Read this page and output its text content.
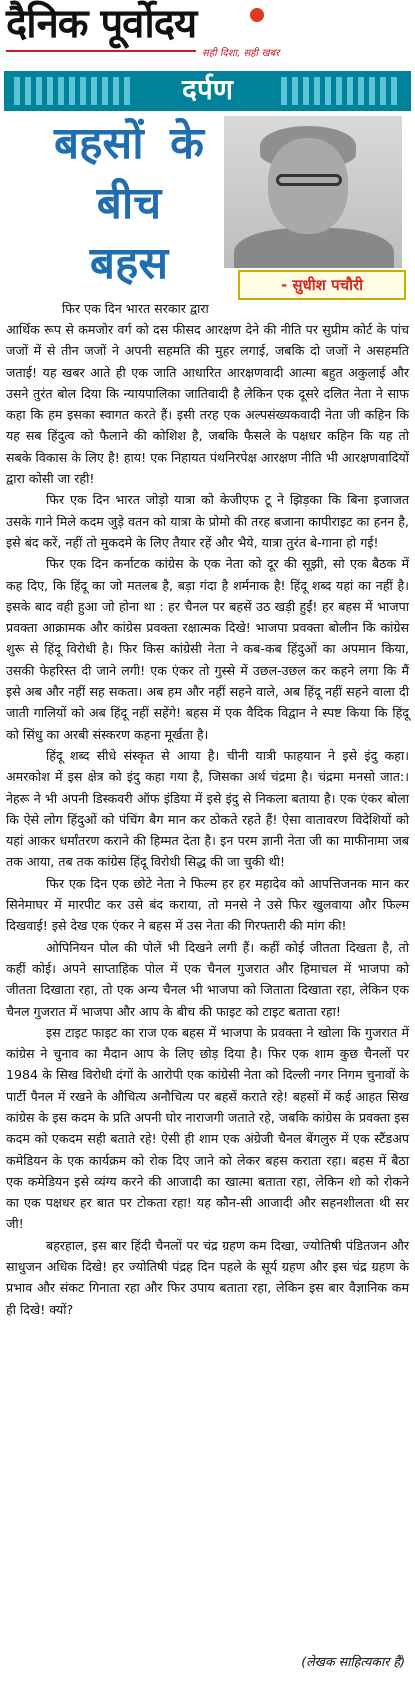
दैनिक पूर्वोदय
सही दिशा, सही खबर
दर्पण
बहसों के
बीच
बहस	- सुधीश पचौरी
फिर एक दिन भारत सरकार द्वारा

आर्थिक रूप से कमजोर वर्ग को दस फीसद आरक्षण देने की नीति पर सुप्रीम कोर्ट के पांच जजों में से तीन जजों ने अपनी सहमति की मुहर लगाई, जबकि दो जजों ने असहमति जताई! यह खबर आते ही एक जाति आधारित आरक्षणवादी आत्मा बहुत अकुलाई और उसने तुरंत बोल दिया कि न्यायपालिका जातिवादी है लेकिन एक दूसरे दलित नेता ने साफ कहा कि हम इसका स्वागत करते हैं। इसी तरह एक अल्पसंख्यकवादी नेता जी कहिन कि यह सब हिंदुत्व को फैलाने की कोशिश है, जबकि फैसले के पक्षधर कहिन कि यह तो सबके विकास के लिए है! हाय! एक निहायत पंथनिरपेक्ष आरक्षण नीति भी आरक्षणवादियों द्वारा कोसी जा रही!

फिर एक दिन भारत जोड़ो यात्रा को केजीएफ टू ने झिड़का कि बिना इजाजत उसके गाने मिले कदम जुड़े वतन को यात्रा के प्रोमो की तरह बजाना कापीराइट का हनन है, इसे बंद करें, नहीं तो मुकदमे के लिए तैयार रहें और भैये, यात्रा तुरंत बे-गाना हो गई!

फिर एक दिन कर्नाटक कांग्रेस के एक नेता को दूर की सूझी, सो एक बैठक में कह दिए, कि हिंदू का जो मतलब है, बड़ा गंदा है शर्मनाक है! हिंदू शब्द यहां का नहीं है। इसके बाद वही हुआ जो होना था : हर चैनल पर बहसें उठ खड़ी हुईं! हर बहस में भाजपा प्रवक्ता आक्रामक और कांग्रेस प्रवक्ता रक्षात्मक दिखे! भाजपा प्रवक्ता बोलीन कि कांग्रेस शुरू से हिंदू विरोधी है। फिर किस कांग्रेसी नेता ने कब-कब हिंदुओं का अपमान किया, उसकी फेहरिस्त दी जाने लगी! एक एंकर तो गुस्से में उछल-उछल कर कहने लगा कि मैं इसे अब और नहीं सह सकता। अब हम और नहीं सहने वाले, अब हिंदू नहीं सहने वाला दी जाती गालियों को अब हिंदू नहीं सहेंगे! बहस में एक वैदिक विद्वान ने स्पष्ट किया कि हिंदू को सिंधु का अरबी संस्करण कहना मूर्खता है।

हिंदू शब्द सीधे संस्कृत से आया है। चीनी यात्री फाहयान ने इसे इंदु कहा। अमरकोश में इस क्षेत्र को इंदु कहा गया है, जिसका अर्थ चंद्रमा है। चंद्रमा मनसो जात:। नेहरू ने भी अपनी डिस्कवरी ऑफ इंडिया में इसे इंदु से निकला बताया है। एक एंकर बोला कि ऐसे लोग हिंदुओं को पंचिंग बैग मान कर ठोकते रहते हैं! ऐसा वातावरण विदेशियों को यहां आकर धर्मांतरण कराने की हिम्मत देता है। इन परम ज्ञानी नेता जी का माफीनामा जब तक आया, तब तक कांग्रेस हिंदू विरोधी सिद्ध की जा चुकी थी!

फिर एक दिन एक छोटे नेता ने फिल्म हर हर महादेव को आपत्तिजनक मान कर सिनेमाघर में मारपीट कर उसे बंद कराया, तो मनसे ने उसे फिर खुलवाया और फिल्म दिखवाई! इसे देख एक एंकर ने बहस में उस नेता की गिरफ्तारी की मांग की!

ओपिनियन पोल की पोलें भी दिखने लगी हैं। कहीं कोई जीतता दिखता है, तो कहीं कोई। अपने साप्ताहिक पोल में एक चैनल गुजरात और हिमाचल में भाजपा को जीतता दिखाता रहा, तो एक अन्य चैनल भी भाजपा को जिताता दिखाता रहा, लेकिन एक चैनल गुजरात में भाजपा और आप के बीच की फाइट को टाइट बताता रहा!

इस टाइट फाइट का राज एक बहस में भाजपा के प्रवक्ता ने खोला कि गुजरात में कांग्रेस ने चुनाव का मैदान आप के लिए छोड़ दिया है। फिर एक शाम कुछ चैनलों पर 1984 के सिख विरोधी दंगों के आरोपी एक कांग्रेसी नेता को दिल्ली नगर निगम चुनावों के पार्टी पैनल में रखने के औचित्य अनौचित्य पर बहसें कराते रहे! बहसों में कई आहत सिख कांग्रेस के इस कदम के प्रति अपनी घोर नाराजगी जताते रहे, जबकि कांग्रेस के प्रवक्ता इस कदम को एकदम सही बताते रहे! ऐसी ही शाम एक अंग्रेजी चैनल बेंगलुरु में एक स्टैंडअप कमेडियन के एक कार्यक्रम को रोक दिए जाने को लेकर बहस कराता रहा। बहस में बैठा एक कमेडियन इसे व्यंग्य करने की आजादी का खात्मा बताता रहा, लेकिन शो को रोकने का एक पक्षधर हर बात पर टोकता रहा! यह कौन-सी आजादी और सहनशीलता थी सर जी!

बहरहाल, इस बार हिंदी चैनलों पर चंद्र ग्रहण कम दिखा, ज्योतिषी पंडितजन और साधुजन अधिक दिखे! हर ज्योतिषी पंद्रह दिन पहले के सूर्य ग्रहण और इस चंद्र ग्रहण के प्रभाव और संकट गिनाता रहा और फिर उपाय बताता रहा, लेकिन इस बार वैज्ञानिक कम ही दिखे! क्यों?

(लेखक साहित्यकार हैं)
